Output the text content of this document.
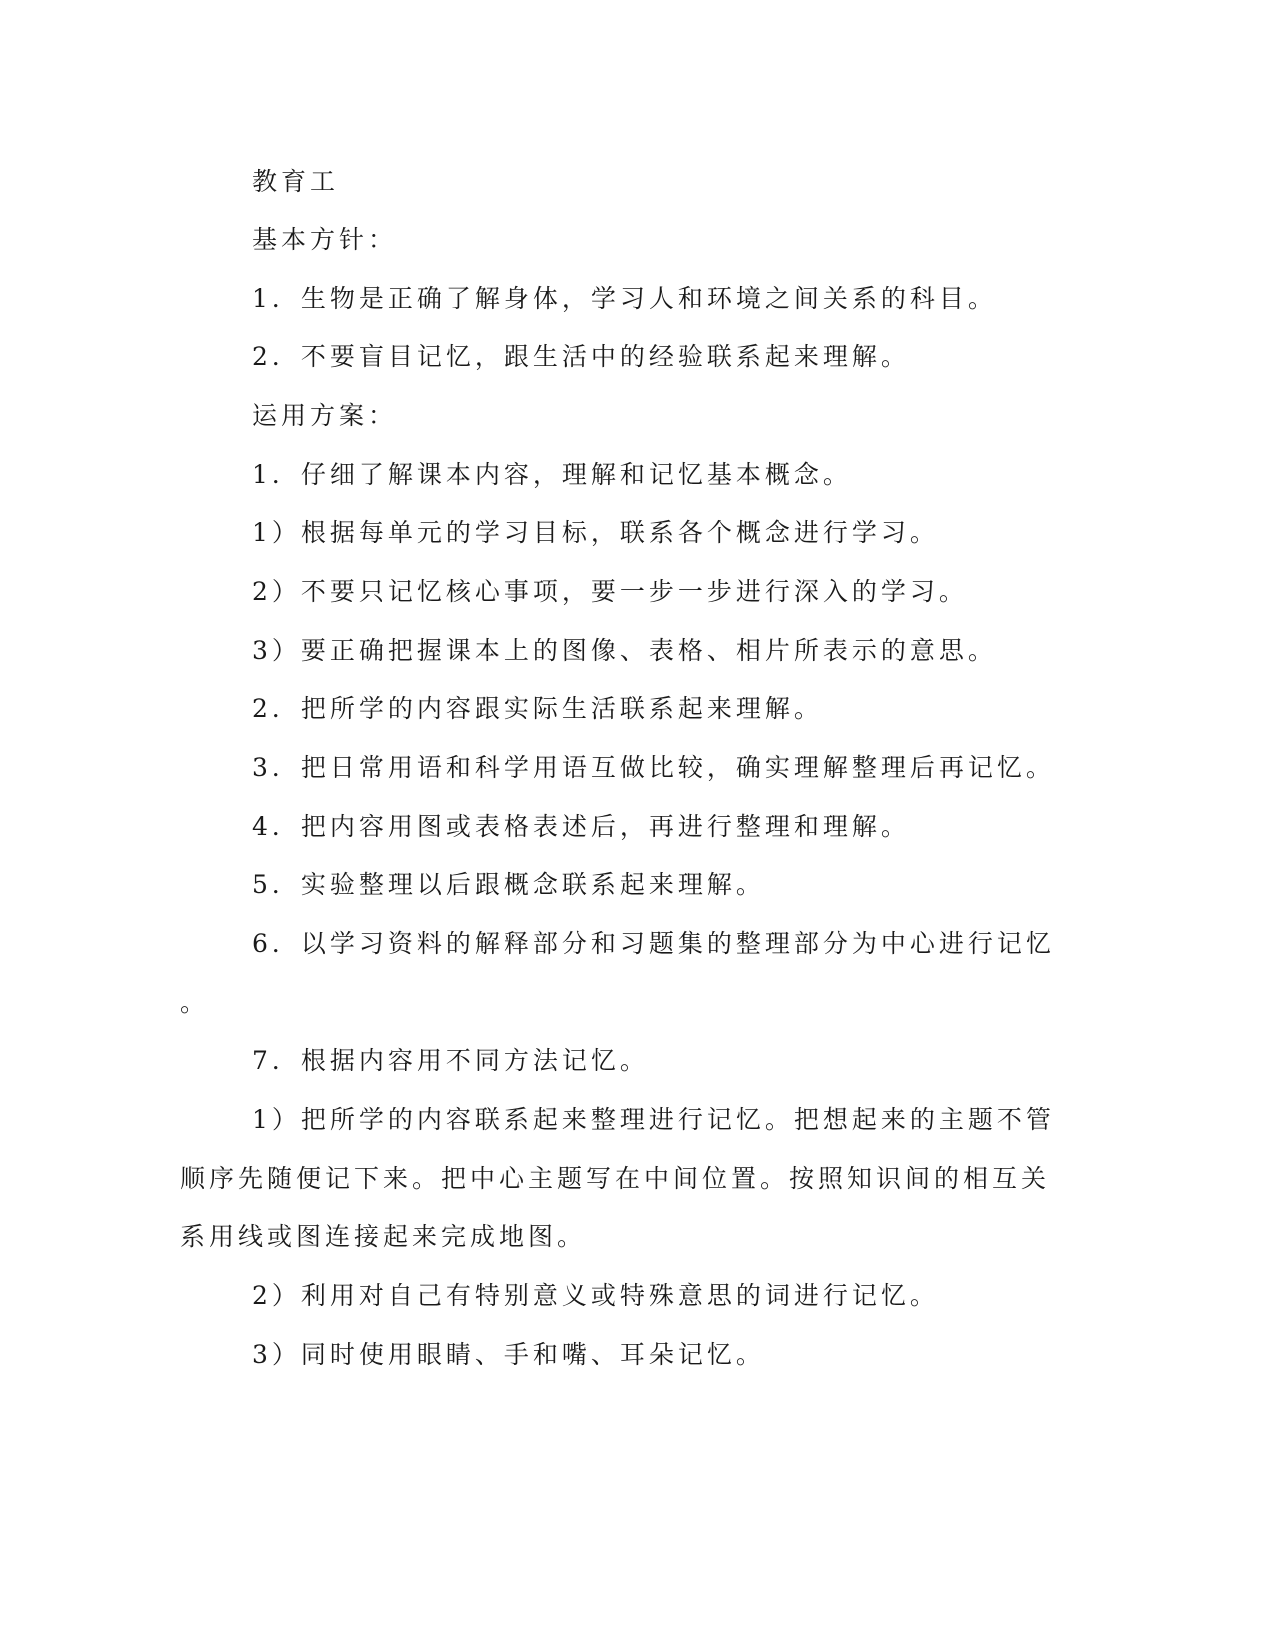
教育工

基本方针：

1．生物是正确了解身体，学习人和环境之间关系的科目。

2．不要盲目记忆，跟生活中的经验联系起来理解。

运用方案：

1．仔细了解课本内容，理解和记忆基本概念。

1）根据每单元的学习目标，联系各个概念进行学习。

2）不要只记忆核心事项，要一步一步进行深入的学习。

3）要正确把握课本上的图像、表格、相片所表示的意思。

2．把所学的内容跟实际生活联系起来理解。

3．把日常用语和科学用语互做比较，确实理解整理后再记忆。

4．把内容用图或表格表述后，再进行整理和理解。

5．实验整理以后跟概念联系起来理解。

6．以学习资料的解释部分和习题集的整理部分为中心进行记忆

。

7．根据内容用不同方法记忆。

1）把所学的内容联系起来整理进行记忆。把想起来的主题不管

顺序先随便记下来。把中心主题写在中间位置。按照知识间的相互关

系用线或图连接起来完成地图。

2）利用对自己有特别意义或特殊意思的词进行记忆。

3）同时使用眼睛、手和嘴、耳朵记忆。
